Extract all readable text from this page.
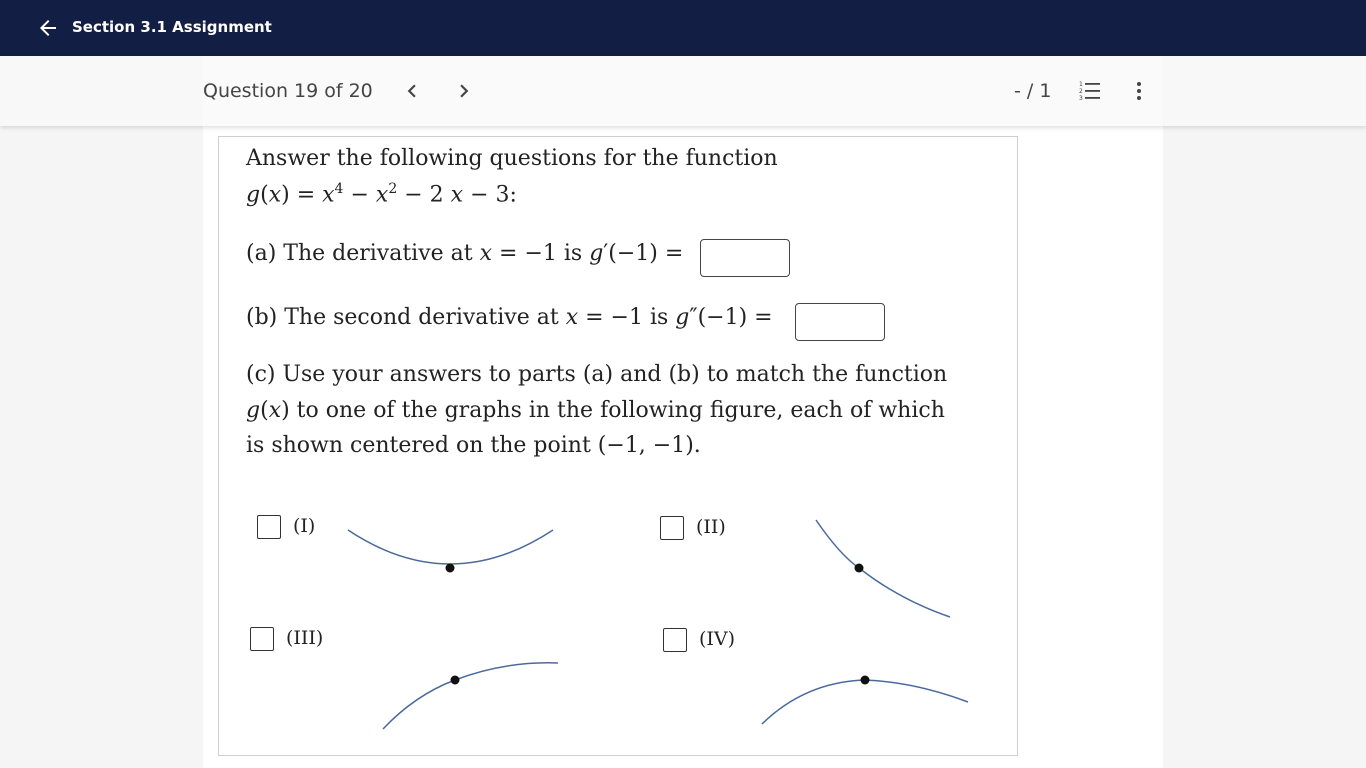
Section 3.1 Assignment
Question 19 of 20	- / 1	1
2
3
Answer the following questions for the function
$g(x) = x^4 - x^2 - 2$ x − 3:
(a) The derivative at x = −1 is g′(−1) =
(b) The second derivative at x = −1 is g″(−1) =
(c) Use your answers to parts (a) and (b) to match the function
g(x) to one of the graphs in the following figure, each of which
is shown centered on the point (−1, −1).
(I)	(II)
(III)	(IV)
